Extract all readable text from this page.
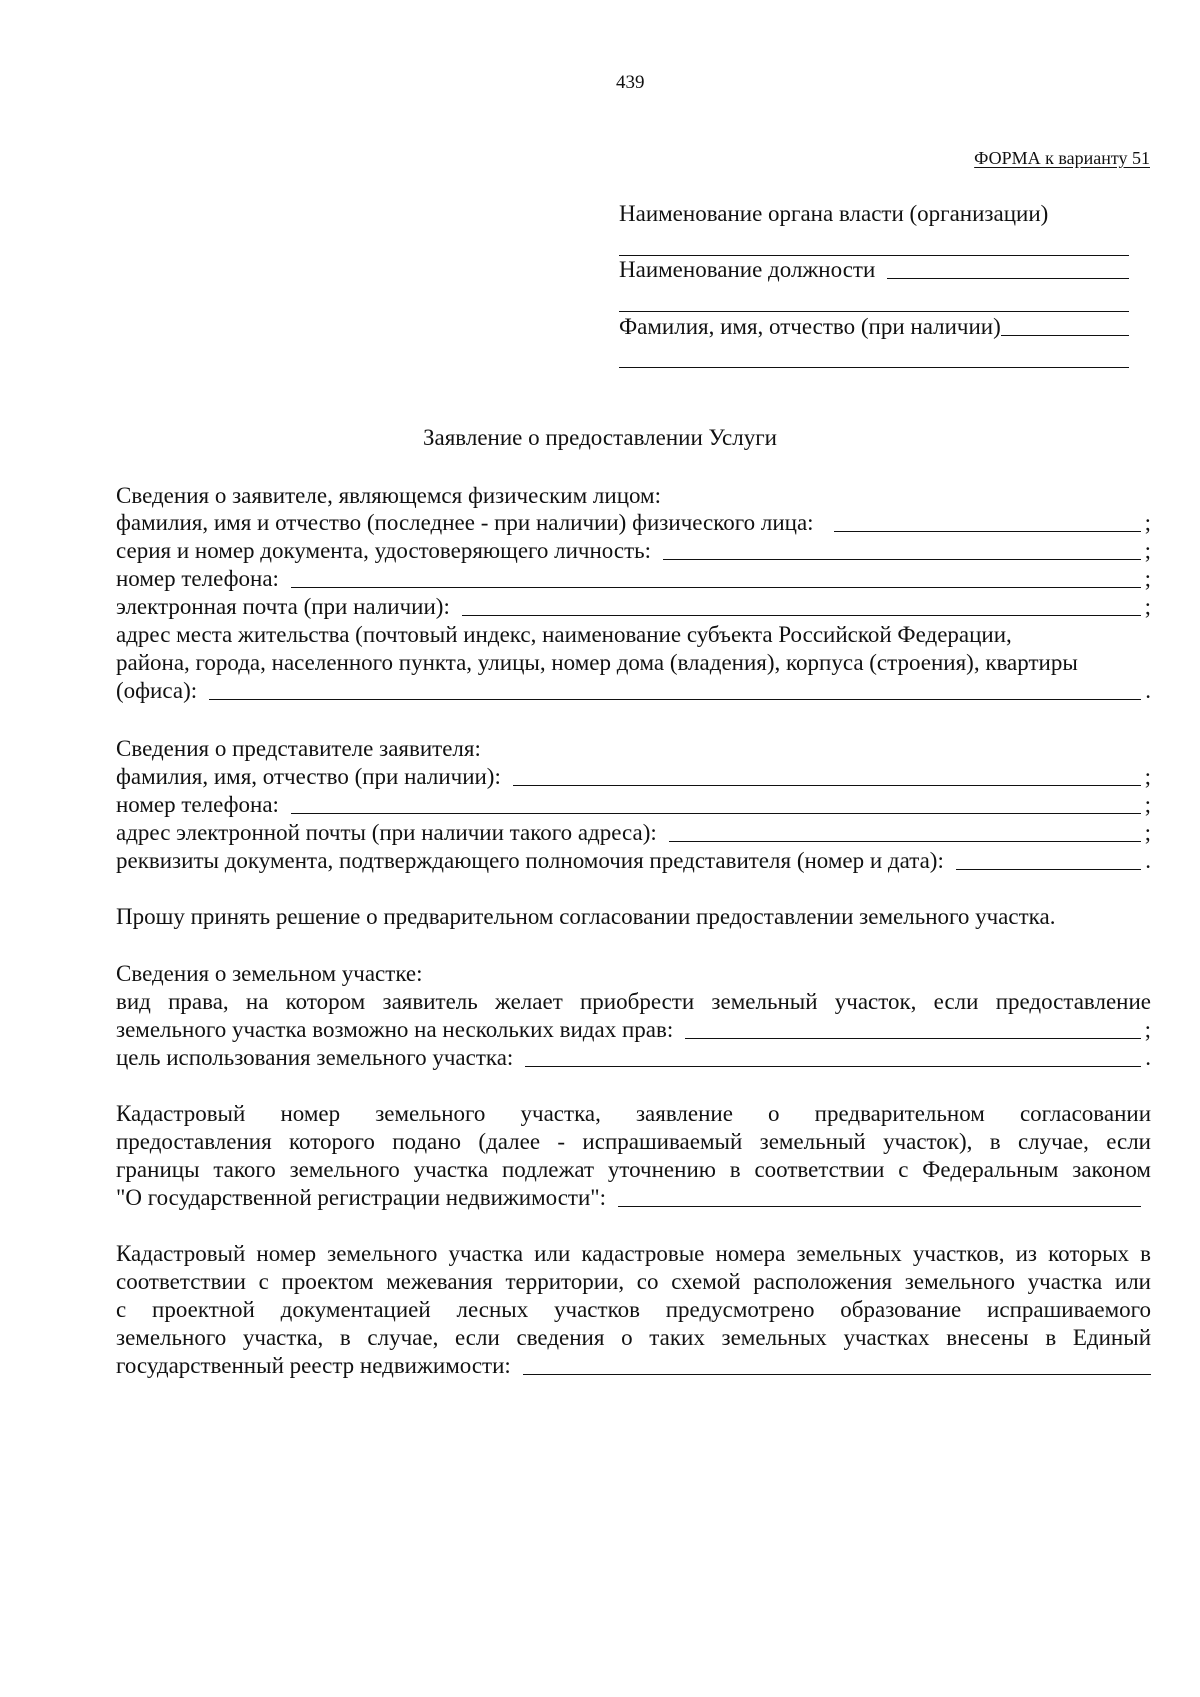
439
ФОРМА к варианту 51
Наименование органа власти (организации)
Наименование должности
Фамилия, имя, отчество (при наличии)
Заявление о предоставлении Услуги
Сведения о заявителе, являющемся физическим лицом:
фамилия, имя и отчество (последнее - при наличии) физического лица:	;
серия и номер документа, удостоверяющего личность:	;
номер телефона:	;
электронная почта (при наличии):	;
адрес места жительства (почтовый индекс, наименование субъекта Российской Федерации,
района, города, населенного пункта, улицы, номер дома (владения), корпуса (строения), квартиры
(офиса):	.
Сведения о представителе заявителя:
фамилия, имя, отчество (при наличии):	;
номер телефона:	;
адрес электронной почты (при наличии такого адреса):	;
реквизиты документа, подтверждающего полномочия представителя (номер и дата):	.
Прошу принять решение о предварительном согласовании предоставлении земельного участка.
Сведения о земельном участке:
вид права, на котором заявитель желает приобрести земельный участок, если предоставление
земельного участка возможно на нескольких видах прав:	;
цель использования земельного участка:	.
Кадастровый номер земельного участка, заявление о предварительном согласовании
предоставления которого подано (далее - испрашиваемый земельный участок), в случае, если
границы такого земельного участка подлежат уточнению в соответствии с Федеральным законом
"О государственной регистрации недвижимости":
Кадастровый номер земельного участка или кадастровые номера земельных участков, из которых в
соответствии с проектом межевания территории, со схемой расположения земельного участка или
с проектной документацией лесных участков предусмотрено образование испрашиваемого
земельного участка, в случае, если сведения о таких земельных участках внесены в Единый
государственный реестр недвижимости:
